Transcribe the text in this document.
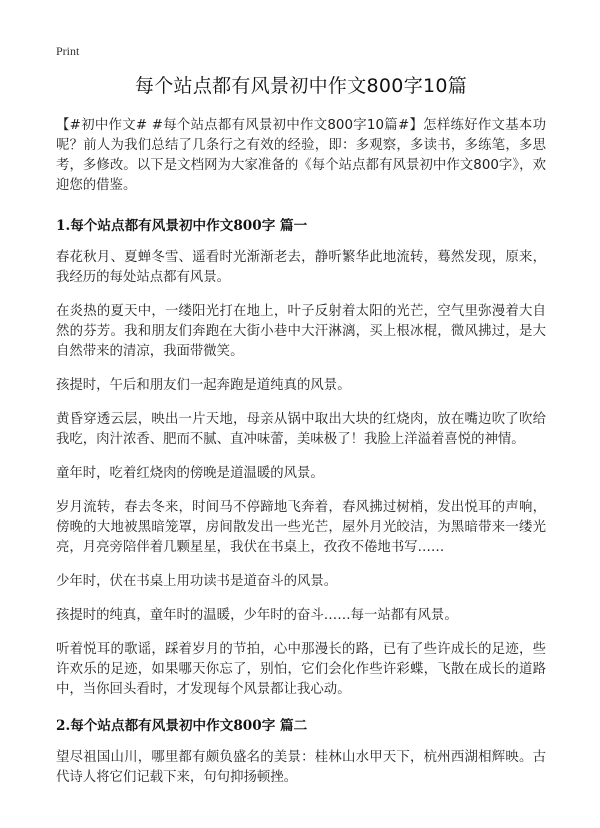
Print
每个站点都有风景初中作文800字10篇

【#初中作文# #每个站点都有风景初中作文800字10篇#】怎样练好作文基本功呢？前人为我们总结了几条行之有效的经验，即：多观察，多读书，多练笔，多思考，多修改。以下是文档网为大家准备的《每个站点都有风景初中作文800字》，欢迎您的借鉴。

1.每个站点都有风景初中作文800字 篇一

春花秋月、夏蝉冬雪、遥看时光渐渐老去，静听繁华此地流转，蓦然发现，原来，我经历的每处站点都有风景。

在炎热的夏天中，一缕阳光打在地上，叶子反射着太阳的光芒，空气里弥漫着大自然的芬芳。我和朋友们奔跑在大街小巷中大汗淋漓，买上根冰棍，微风拂过，是大自然带来的清凉，我面带微笑。

孩提时，午后和朋友们一起奔跑是道纯真的风景。

黄昏穿透云层，映出一片天地，母亲从锅中取出大块的红烧肉，放在嘴边吹了吹给我吃，肉汁浓香、肥而不腻、直冲味蕾，美味极了！我脸上洋溢着喜悦的神情。

童年时，吃着红烧肉的傍晚是道温暖的风景。

岁月流转，春去冬来，时间马不停蹄地飞奔着，春风拂过树梢，发出悦耳的声响，傍晚的大地被黑暗笼罩，房间散发出一些光芒，屋外月光皎洁，为黑暗带来一缕光亮，月亮旁陪伴着几颗星星，我伏在书桌上，孜孜不倦地书写……

少年时，伏在书桌上用功读书是道奋斗的风景。

孩提时的纯真，童年时的温暖，少年时的奋斗……每一站都有风景。

听着悦耳的歌谣，踩着岁月的节拍，心中那漫长的路，已有了些许成长的足迹，些许欢乐的足迹，如果哪天你忘了，别怕，它们会化作些许彩蝶，飞散在成长的道路中，当你回头看时，才发现每个风景都让我心动。

2.每个站点都有风景初中作文800字 篇二

望尽祖国山川，哪里都有颇负盛名的美景：桂林山水甲天下，杭州西湖相辉映。古代诗人将它们记载下来，句句抑扬顿挫。
